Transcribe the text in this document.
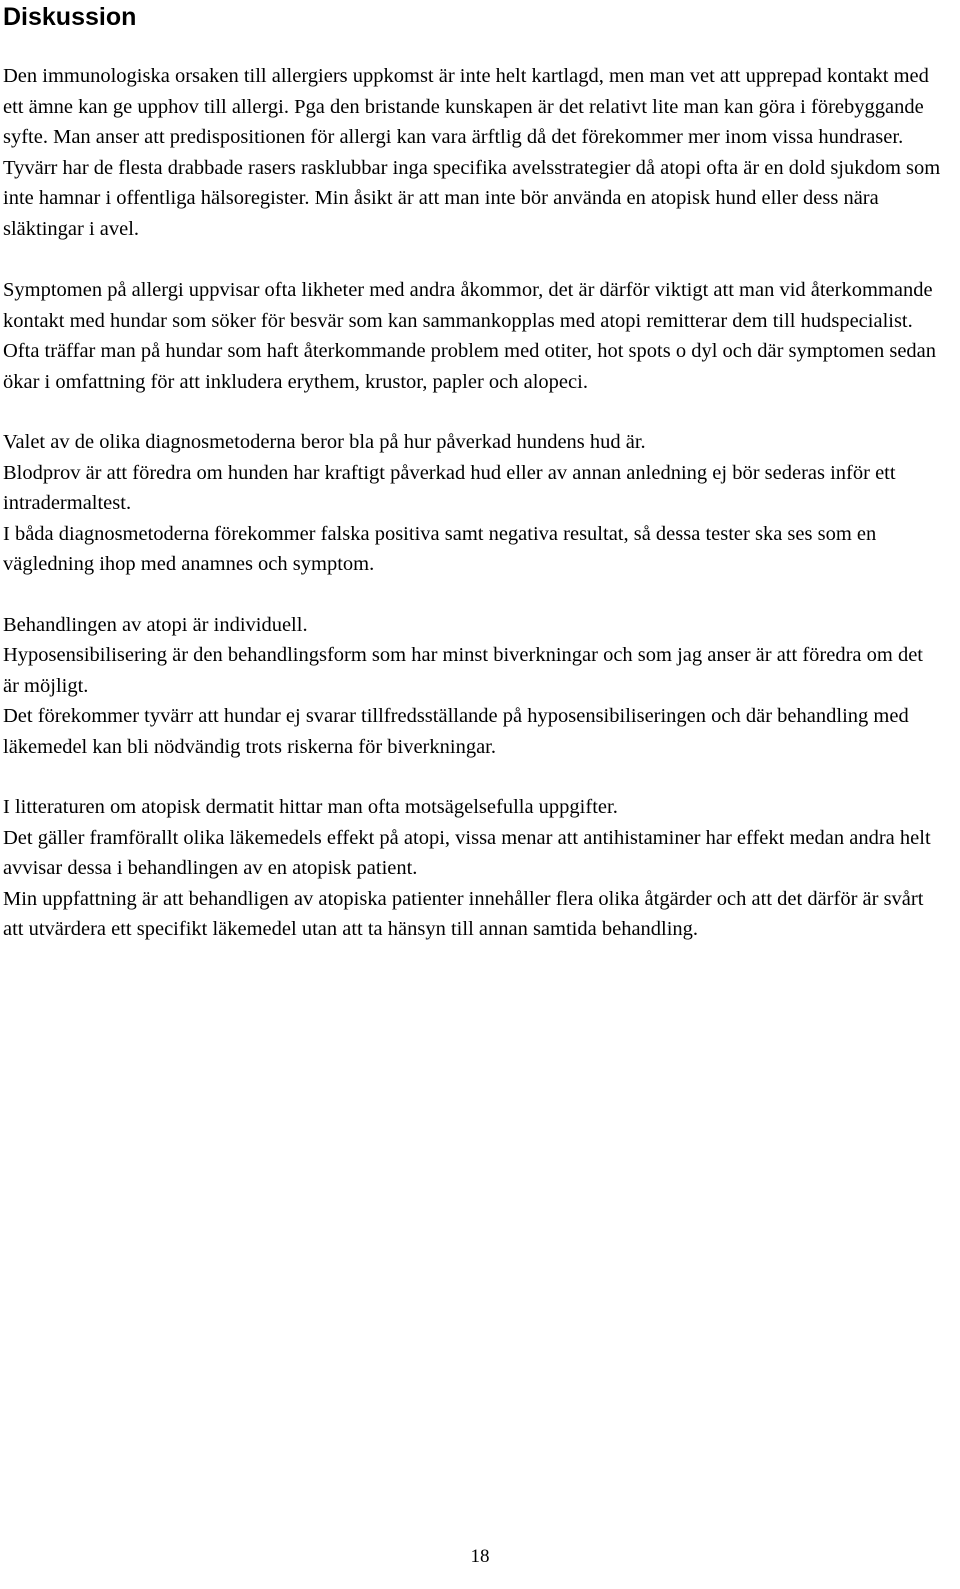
Diskussion

Den immunologiska orsaken till allergiers uppkomst är inte helt kartlagd, men man vet att upprepad kontakt med ett ämne kan ge upphov till allergi. Pga den bristande kunskapen är det relativt lite man kan göra i förebyggande syfte. Man anser att predispositionen för allergi kan vara ärftlig då det förekommer mer inom vissa hundraser. Tyvärr har de flesta drabbade rasers rasklubbar inga specifika avelsstrategier då atopi ofta är en dold sjukdom som inte hamnar i offentliga hälsoregister. Min åsikt är att man inte bör använda en atopisk hund eller dess nära släktingar i avel.

Symptomen på allergi uppvisar ofta likheter med andra åkommor, det är därför viktigt att man vid återkommande kontakt med hundar som söker för besvär som kan sammankopplas med atopi remitterar dem till hudspecialist.

Ofta träffar man på hundar som haft återkommande problem med otiter, hot spots o dyl och där symptomen sedan ökar i omfattning för att inkludera erythem, krustor, papler och alopeci.

Valet av de olika diagnosmetoderna beror bla på hur påverkad hundens hud är.

Blodprov är att föredra om hunden har kraftigt påverkad hud eller av annan anledning ej bör sederas inför ett intradermaltest.

I båda diagnosmetoderna förekommer falska positiva samt negativa resultat, så dessa tester ska ses som en vägledning ihop med anamnes och symptom.

Behandlingen av atopi är individuell.

Hyposensibilisering är den behandlingsform som har minst biverkningar och som jag anser är att föredra om det är möjligt.

Det förekommer tyvärr att hundar ej svarar tillfredsställande på hyposensibiliseringen och där behandling med läkemedel kan bli nödvändig trots riskerna för biverkningar.

I litteraturen om atopisk dermatit hittar man ofta motsägelsefulla uppgifter.

Det gäller framförallt olika läkemedels effekt på atopi, vissa menar att antihistaminer har effekt medan andra helt avvisar dessa i behandlingen av en atopisk patient.

Min uppfattning är att behandligen av atopiska patienter innehåller flera olika åtgärder och att det därför är svårt att utvärdera ett specifikt läkemedel utan att ta hänsyn till annan samtida behandling.

18
